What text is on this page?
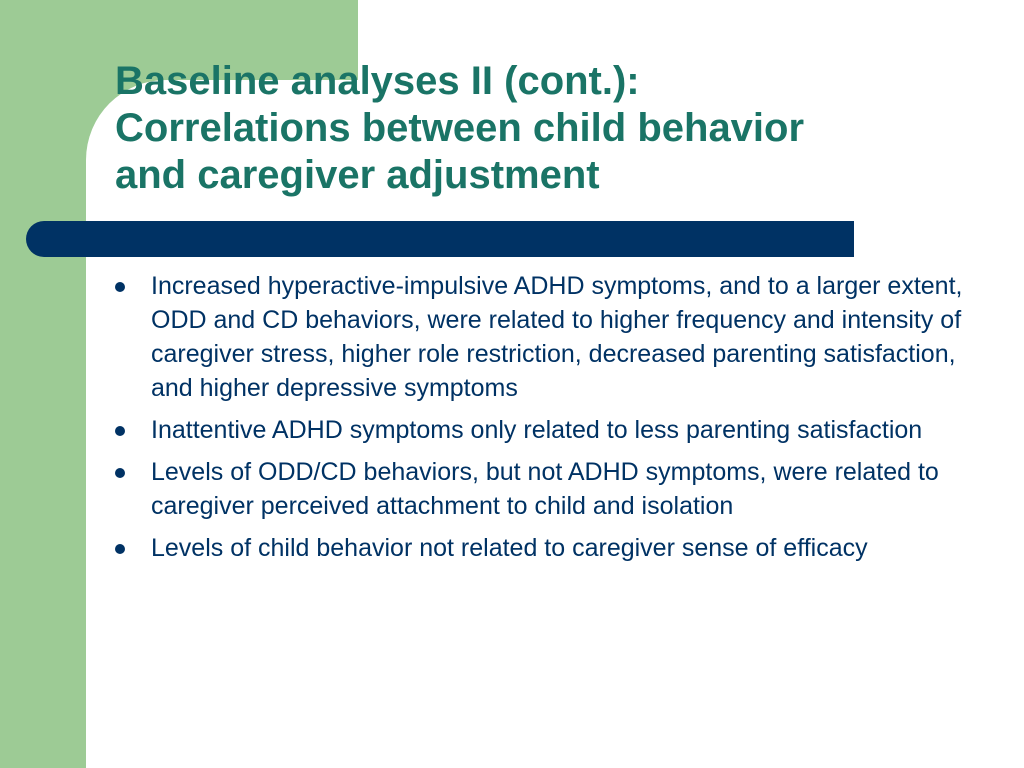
Baseline analyses II (cont.):
Correlations between child behavior
and caregiver adjustment
Increased hyperactive-impulsive ADHD symptoms, and to a larger extent, ODD and CD behaviors, were related to higher frequency and intensity of caregiver stress, higher role restriction, decreased parenting satisfaction, and higher depressive symptoms
Inattentive ADHD symptoms only related to less parenting satisfaction
Levels of ODD/CD behaviors, but not ADHD symptoms, were related to caregiver perceived attachment to child and isolation
Levels of child behavior not related to caregiver sense of efficacy
